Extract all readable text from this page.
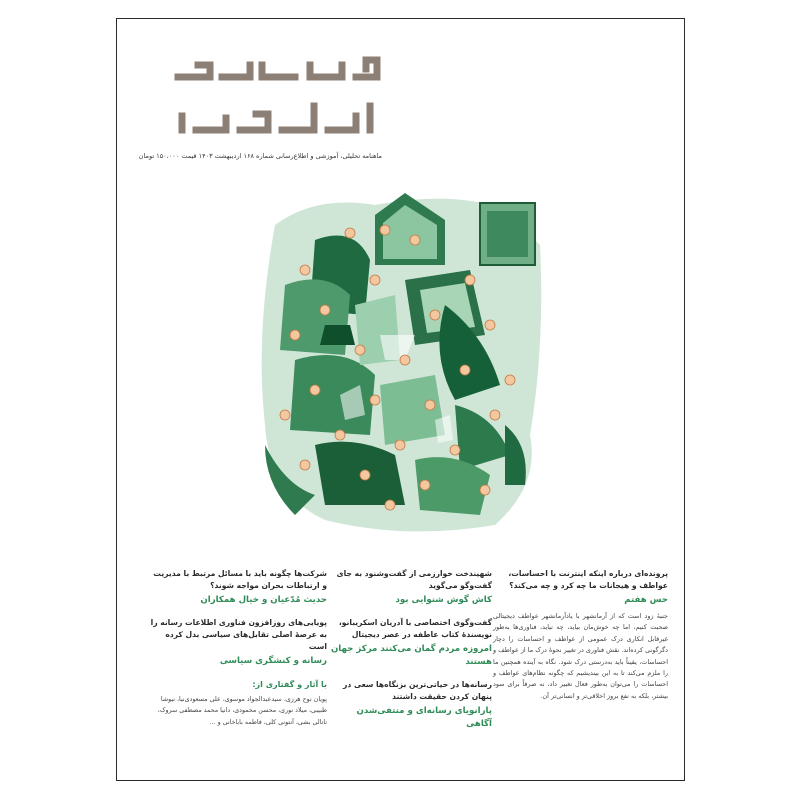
ماهنامه تحلیلی، آموزشی و اطلاع‌رسانی شماره ۱۶۸ اردیبهشت ۱۴۰۳ قیمت ۱۵۰،۰۰۰ تومان

پرونده‌ای درباره اینکه اینترنت با احساسات، عواطف و هیجانات ما چه کرد و چه می‌کند؟

حس هفتم

جنبۀ زود است که از آرمانشهر با یادآرمانشهر عواطف دیجیتالی صحبت کنیم، اما چه خوش‌مان بیاید، چه نیاید، فناوری‌ها به‌طور غیرقابل انکاری درک عمومی از عواطف و احساسات را دچار دگرگونی کرده‌اند. نقش فناوری در تغییر نحوۀ درک ما از عواطف و احساسات، یقیناً باید به‌درستی درک شود. نگاه به آینده همچنین ما را ملزم می‌کند تا به این بیندیشیم که چگونه نظام‌های عواطف و احساسات را می‌توان به‌طور فعال تغییر داد، نه صرفاً برای سود بیشتر، بلکه به نفع بروز اخلاقی‌تر و انسانی‌تر آن.

شهیندخت خوارزمی از گفت‌وشنود به جای گفت‌وگو می‌گوید

کاش گوش شنوایی بود

گفت‌وگوی اختصاصی با آدریان اسکریبانو، نویسندۀ کتاب عاطفه در عصر دیجیتال

امروزه مردم گمان می‌کنند مرکز جهان هستند

رسانه‌ها در حیاتی‌ترین بزنگاه‌ها سعی در پنهان کردن حقیقت داشتند

پارانویای رسانه‌ای و منتفی‌شدن آگاهی

شرکت‌ها چگونه باید با مسائل مرتبط با مدیریت و ارتباطات بحران مواجه شوند؟

حدیث مُدّعیان و خیال همکاران

پویایی‌های روزافزون فناوری اطلاعات رسانه را به عرصۀ اصلی تقابل‌های سیاسی بدل کرده است

رسانه و کنشگری سیاسی

با آثار و گفتاری از:

پویان نوح هرزی، سیدعبدالجواد موسوی، علی مسعودی‌نیا، نیوشا طبیبی، میلاد نوری، محسن محمودی، دانیا محمد مصطفی سروک، ناتالی بشی، آنتونی کلی، فاطمه باباخانی و ...
